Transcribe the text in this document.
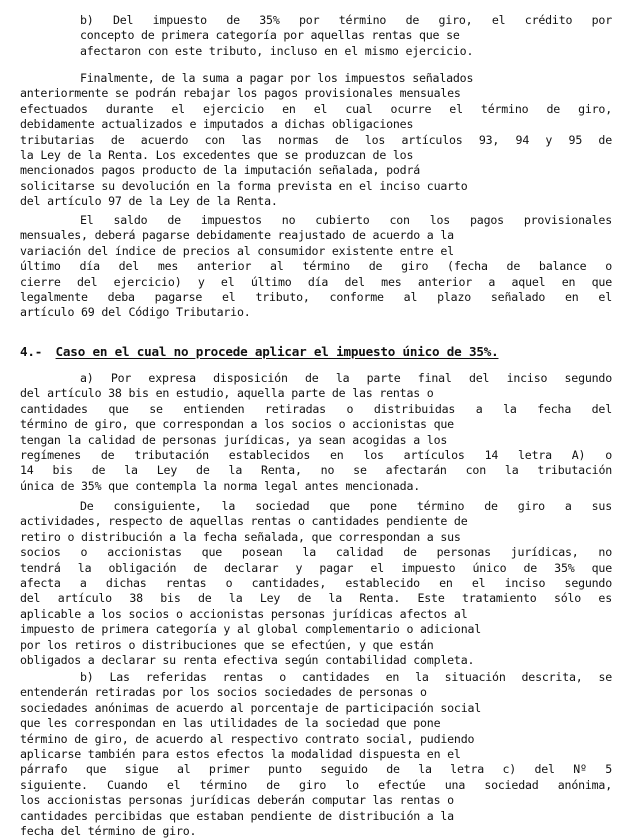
b) Del impuesto de 35% por término de giro, el crédito por
concepto de primera categoría por aquellas rentas que se
afectaron con este tributo, incluso en el mismo ejercicio.
Finalmente, de la suma a pagar por los impuestos señalados
anteriormente se podrán rebajar los pagos provisionales mensuales
efectuados durante el ejercicio en el cual ocurre el término de giro,
debidamente actualizados e imputados a dichas obligaciones
tributarias de acuerdo con las normas de los artículos 93, 94 y 95 de
la Ley de la Renta. Los excedentes que se produzcan de los
mencionados pagos producto de la imputación señalada, podrá
solicitarse su devolución en la forma prevista en el inciso cuarto
del artículo 97 de la Ley de la Renta.
El saldo de impuestos no cubierto con los pagos provisionales
mensuales, deberá pagarse debidamente reajustado de acuerdo a la
variación del índice de precios al consumidor existente entre el
último día del mes anterior al término de giro (fecha de balance o
cierre del ejercicio) y el último día del mes anterior a aquel en que
legalmente deba pagarse el tributo, conforme al plazo señalado en el
artículo 69 del Código Tributario.
4.- Caso en el cual no procede aplicar el impuesto único de 35%.
a) Por expresa disposición de la parte final del inciso segundo
del artículo 38 bis en estudio, aquella parte de las rentas o
cantidades que se entienden retiradas o distribuidas a la fecha del
término de giro, que correspondan a los socios o accionistas que
tengan la calidad de personas jurídicas, ya sean acogidas a los
regímenes de tributación establecidos en los artículos 14 letra A) o
14 bis de la Ley de la Renta, no se afectarán con la tributación
única de 35% que contempla la norma legal antes mencionada.
De consiguiente, la sociedad que pone término de giro a sus
actividades, respecto de aquellas rentas o cantidades pendiente de
retiro o distribución a la fecha señalada, que correspondan a sus
socios o accionistas que posean la calidad de personas jurídicas, no
tendrá la obligación de declarar y pagar el impuesto único de 35% que
afecta a dichas rentas o cantidades, establecido en el inciso segundo
del artículo 38 bis de la Ley de la Renta. Este tratamiento sólo es
aplicable a los socios o accionistas personas jurídicas afectos al
impuesto de primera categoría y al global complementario o adicional
por los retiros o distribuciones que se efectúen, y que están
obligados a declarar su renta efectiva según contabilidad completa.
b) Las referidas rentas o cantidades en la situación descrita, se
entenderán retiradas por los socios sociedades de personas o
sociedades anónimas de acuerdo al porcentaje de participación social
que les correspondan en las utilidades de la sociedad que pone
término de giro, de acuerdo al respectivo contrato social, pudiendo
aplicarse también para estos efectos la modalidad dispuesta en el
párrafo que sigue al primer punto seguido de la letra c) del Nº 5
siguiente. Cuando el término de giro lo efectúe una sociedad anónima,
los accionistas personas jurídicas deberán computar las rentas o
cantidades percibidas que estaban pendiente de distribución a la
fecha del término de giro.
